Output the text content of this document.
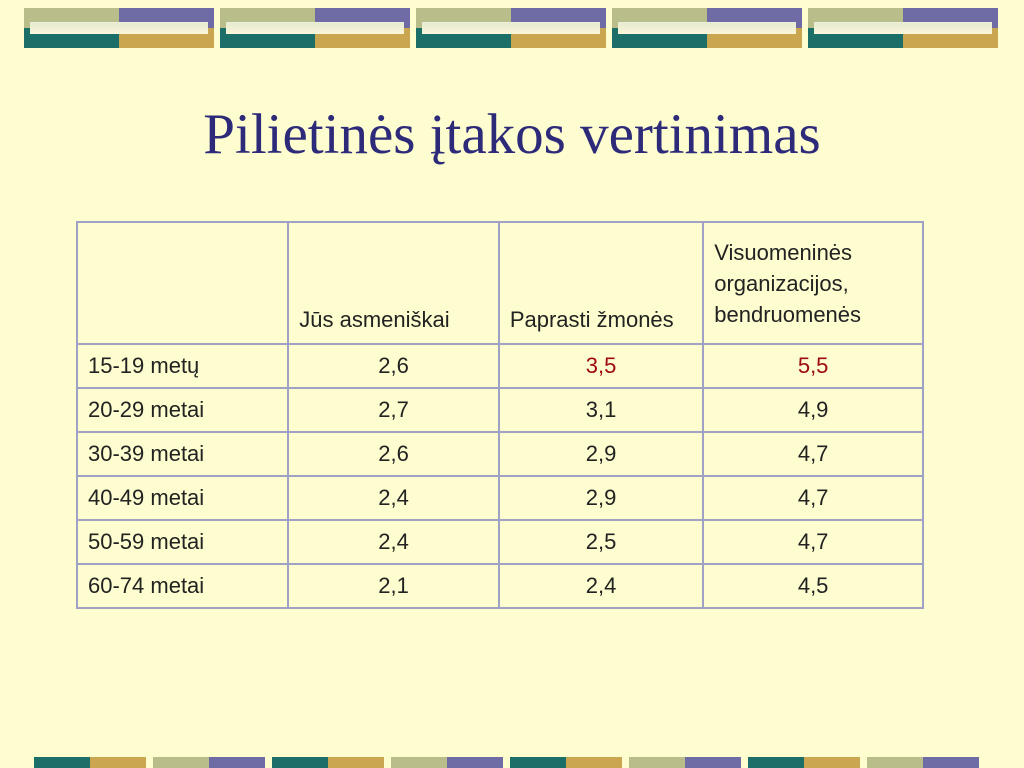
Pilietinės įtakos vertinimas
	Jūs asmeniškai	Paprasti žmonės	Visuomeninės organizacijos, bendruomenės
15-19 metų	2,6	3,5	5,5
20-29 metai	2,7	3,1	4,9
30-39 metai	2,6	2,9	4,7
40-49 metai	2,4	2,9	4,7
50-59 metai	2,4	2,5	4,7
60-74 metai	2,1	2,4	4,5
